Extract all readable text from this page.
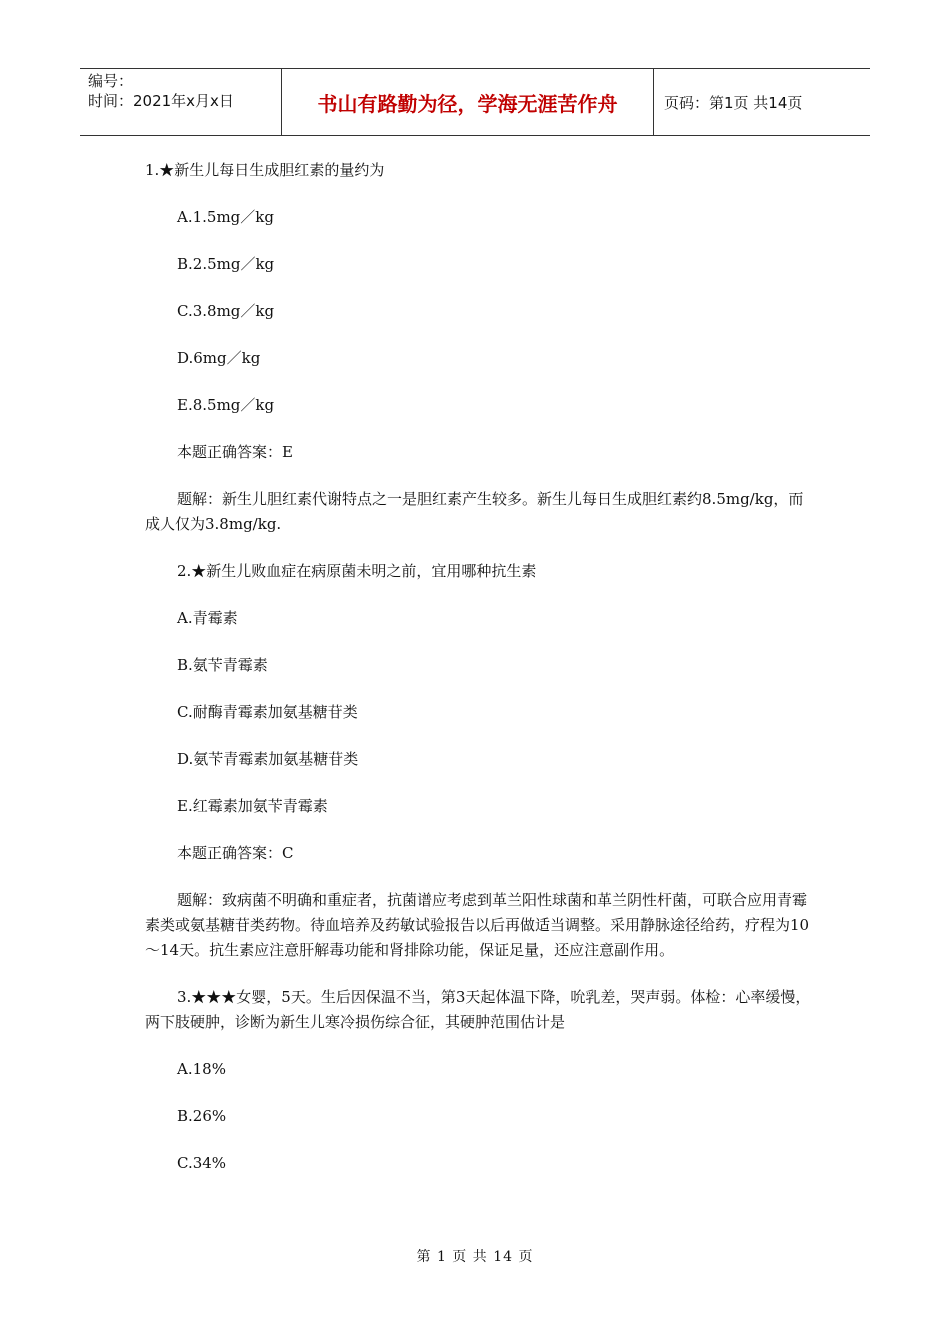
编号：
时间：2021年x月x日	书山有路勤为径，学海无涯苦作舟	页码：第1页 共14页
1.★新生儿每日生成胆红素的量约为
A.1.5mg／kg
B.2.5mg／kg
C.3.8mg／kg
D.6mg／kg
E.8.5mg／kg
本题正确答案：E
题解：新生儿胆红素代谢特点之一是胆红素产生较多。新生儿每日生成胆红素约8.5mg/kg，而成人仅为3.8mg/kg.
2.★新生儿败血症在病原菌未明之前，宜用哪种抗生素
A.青霉素
B.氨苄青霉素
C.耐酶青霉素加氨基糖苷类
D.氨苄青霉素加氨基糖苷类
E.红霉素加氨苄青霉素
本题正确答案：C
题解：致病菌不明确和重症者，抗菌谱应考虑到革兰阳性球菌和革兰阴性杆菌，可联合应用青霉素类或氨基糖苷类药物。待血培养及药敏试验报告以后再做适当调整。采用静脉途径给药，疗程为10～14天。抗生素应注意肝解毒功能和肾排除功能，保证足量，还应注意副作用。
3.★★★女婴，5天。生后因保温不当，第3天起体温下降，吮乳差，哭声弱。体检：心率缓慢，两下肢硬肿，诊断为新生儿寒冷损伤综合征，其硬肿范围估计是
A.18%
B.26%
C.34%
第 1 页 共 14 页
